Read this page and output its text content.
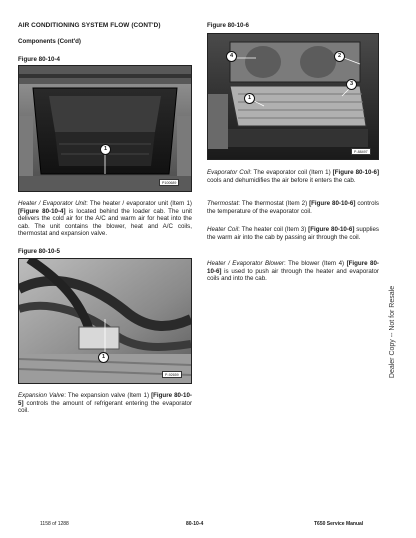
AIR CONDITIONING SYSTEM FLOW (CONT'D)
Components (Cont'd)
Figure 80-10-4
1
P100689
Heater / Evaporator Unit: The heater / evaporator unit (Item 1) [Figure 80-10-4] is located behind the loader cab. The unit delivers the cold air for the A/C and warm air for heat into the cab. The unit contains the blower, heat and A/C coils, thermostat and expansion valve.
Figure 80-10-5
1
P-92659
Expansion Valve: The expansion valve (Item 1) [Figure 80-10-5] controls the amount of refrigerant entering the evaporator coil.
Figure 80-10-6
4	2
3
1
P-88497
Evaporator Coil: The evaporator coil (Item 1) [Figure 80-10-6] cools and dehumidifies the air before it enters the cab.
Thermostat: The thermostat (Item 2) [Figure 80-10-6] controls the temperature of the evaporator coil.
Heater Coil: The heater coil (Item 3) [Figure 80-10-6] supplies the warm air into the cab by passing air through the coil.
Heater / Evaporator Blower: The blower (Item 4) [Figure 80-10-6] is used to push air through the heater and evaporator coils and into the cab.
Dealer Copy -- Not for Resale
1158 of 1288	80-10-4	T650 Service Manual
